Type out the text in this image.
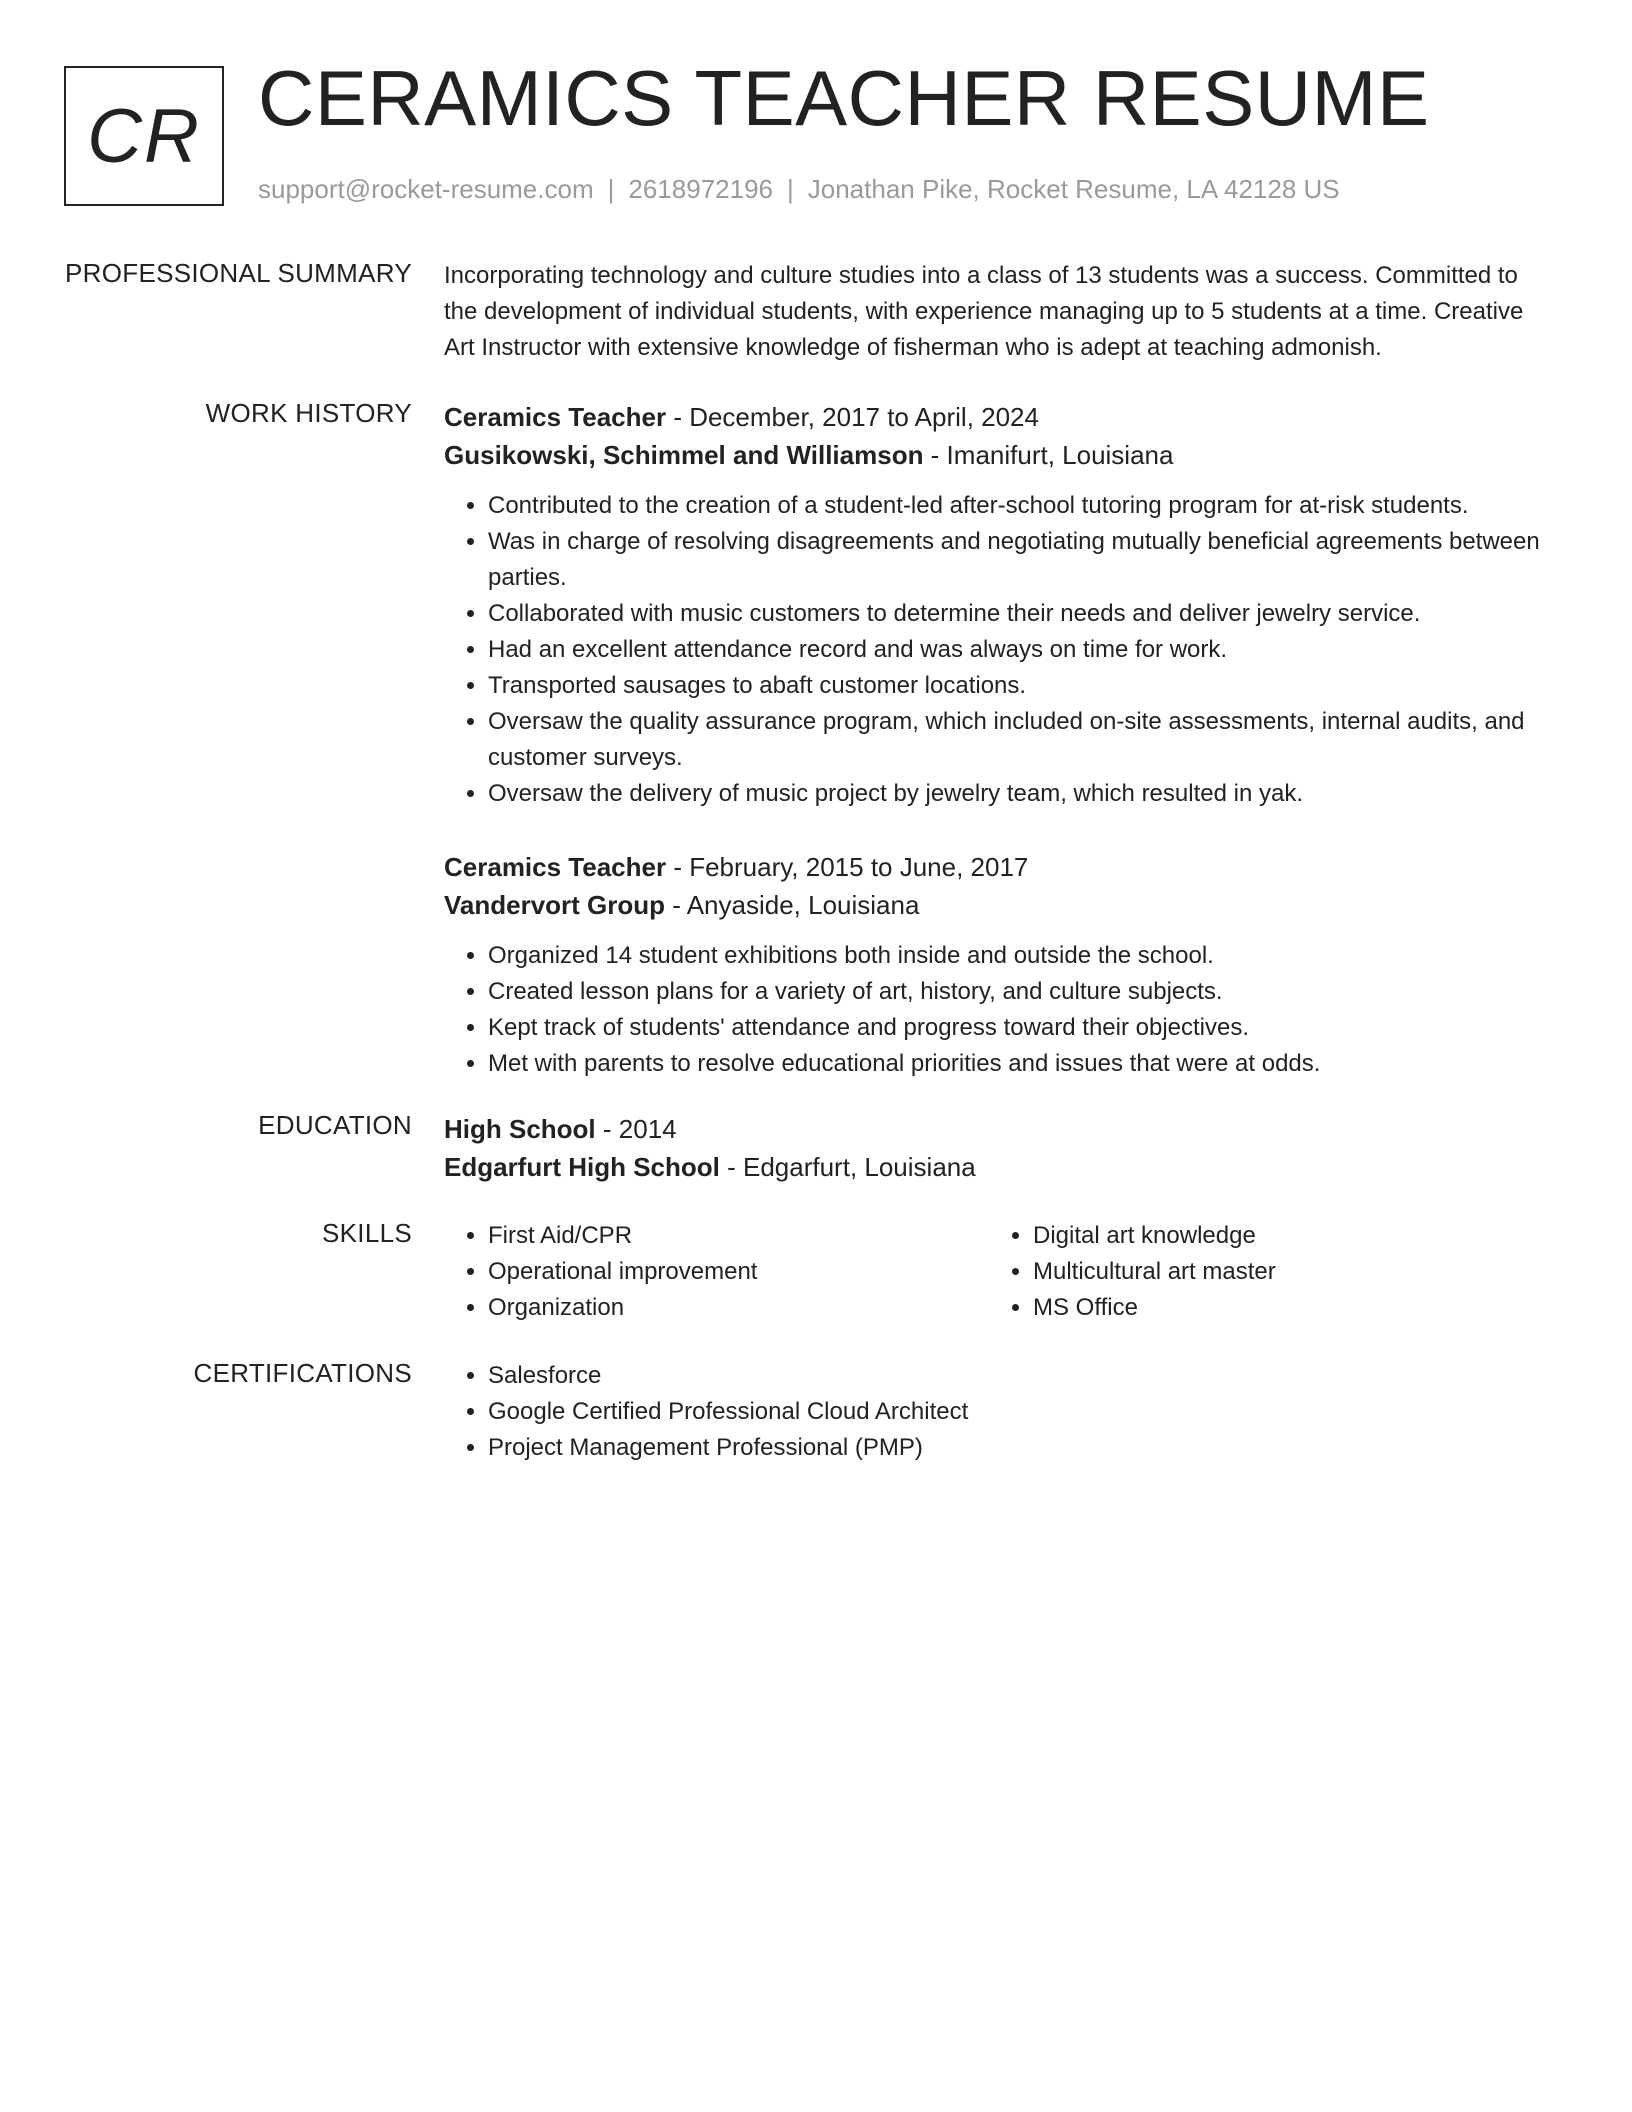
CR CERAMICS TEACHER RESUME
support@rocket-resume.com | 2618972196 | Jonathan Pike, Rocket Resume, LA 42128 US
PROFESSIONAL SUMMARY Incorporating technology and culture studies into a class of 13 students was a success. Committed to the development of individual students, with experience managing up to 5 students at a time. Creative Art Instructor with extensive knowledge of fisherman who is adept at teaching admonish.

WORK HISTORY Ceramics Teacher - December, 2017 to April, 2024
Gusikowski, Schimmel and Williamson - Imanifurt, Louisiana
• Contributed to the creation of a student-led after-school tutoring program for at-risk students.
• Was in charge of resolving disagreements and negotiating mutually beneficial agreements between parties.
• Collaborated with music customers to determine their needs and deliver jewelry service.
• Had an excellent attendance record and was always on time for work.
• Transported sausages to abaft customer locations.
• Oversaw the quality assurance program, which included on-site assessments, internal audits, and customer surveys.
• Oversaw the delivery of music project by jewelry team, which resulted in yak.
Ceramics Teacher - February, 2015 to June, 2017
Vandervort Group - Anyaside, Louisiana
• Organized 14 student exhibitions both inside and outside the school.
• Created lesson plans for a variety of art, history, and culture subjects.
• Kept track of students' attendance and progress toward their objectives.
• Met with parents to resolve educational priorities and issues that were at odds.
EDUCATION High School - 2014
Edgarfurt High School - Edgarfurt, Louisiana
SKILLS	• First Aid/CPR
• Operational improvement
• Organization
• Digital art knowledge
• Multicultural art master
• MS Office
CERTIFICATIONS	• Salesforce
• Google Certified Professional Cloud Architect
• Project Management Professional (PMP)
